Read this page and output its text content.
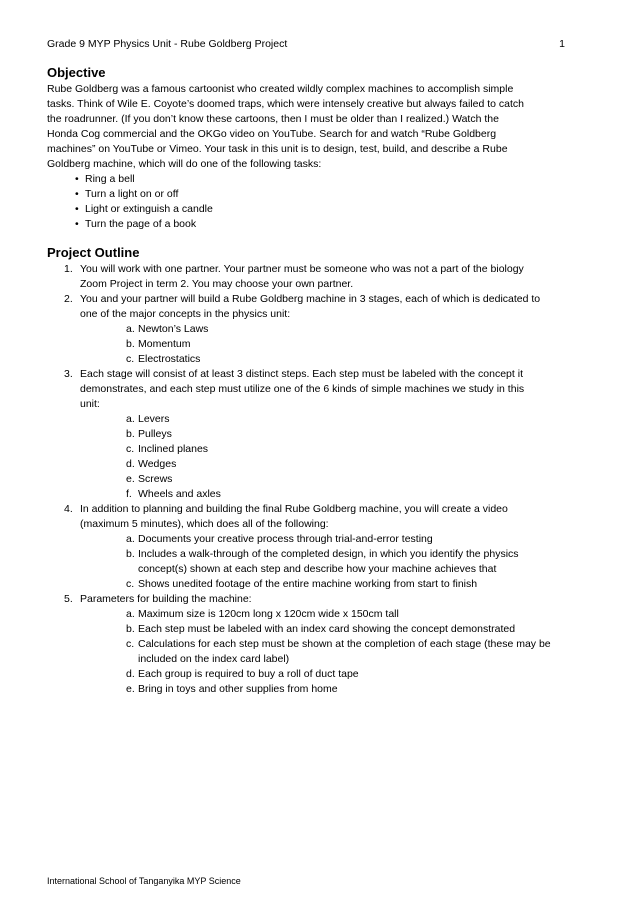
Grade 9 MYP Physics Unit - Rube Goldberg Project	1
Objective

Rube Goldberg was a famous cartoonist who created wildly complex machines to accomplish simple
tasks. Think of Wile E. Coyote’s doomed traps, which were intensely creative but always failed to catch
the roadrunner. (If you don’t know these cartoons, then I must be older than I realized.) Watch the
Honda Cog commercial and the OKGo video on YouTube. Search for and watch “Rube Goldberg
machines” on YouTube or Vimeo. Your task in this unit is to design, test, build, and describe a Rube
Goldberg machine, which will do one of the following tasks:

• Ring a bell
• Turn a light on or off
• Light or extinguish a candle
• Turn the page of a book
Project Outline
1. You will work with one partner. Your partner must be someone who was not a part of the biology
Zoom Project in term 2. You may choose your own partner.
2. You and your partner will build a Rube Goldberg machine in 3 stages, each of which is dedicated to
one of the major concepts in the physics unit:
a. Newton’s Laws
b. Momentum
c. Electrostatics
3. Each stage will consist of at least 3 distinct steps. Each step must be labeled with the concept it
demonstrates, and each step must utilize one of the 6 kinds of simple machines we study in this
unit:
a. Levers
b. Pulleys
c. Inclined planes
d. Wedges
e. Screws
f. Wheels and axles
4. In addition to planning and building the final Rube Goldberg machine, you will create a video
(maximum 5 minutes), which does all of the following:
a. Documents your creative process through trial-and-error testing
b. Includes a walk-through of the completed design, in which you identify the physics
concept(s) shown at each step and describe how your machine achieves that
c. Shows unedited footage of the entire machine working from start to finish
5. Parameters for building the machine:
a. Maximum size is 120cm long x 120cm wide x 150cm tall
b. Each step must be labeled with an index card showing the concept demonstrated
c. Calculations for each step must be shown at the completion of each stage (these may be
included on the index card label)
d. Each group is required to buy a roll of duct tape
e. Bring in toys and other supplies from home
International School of Tanganyika MYP Science
